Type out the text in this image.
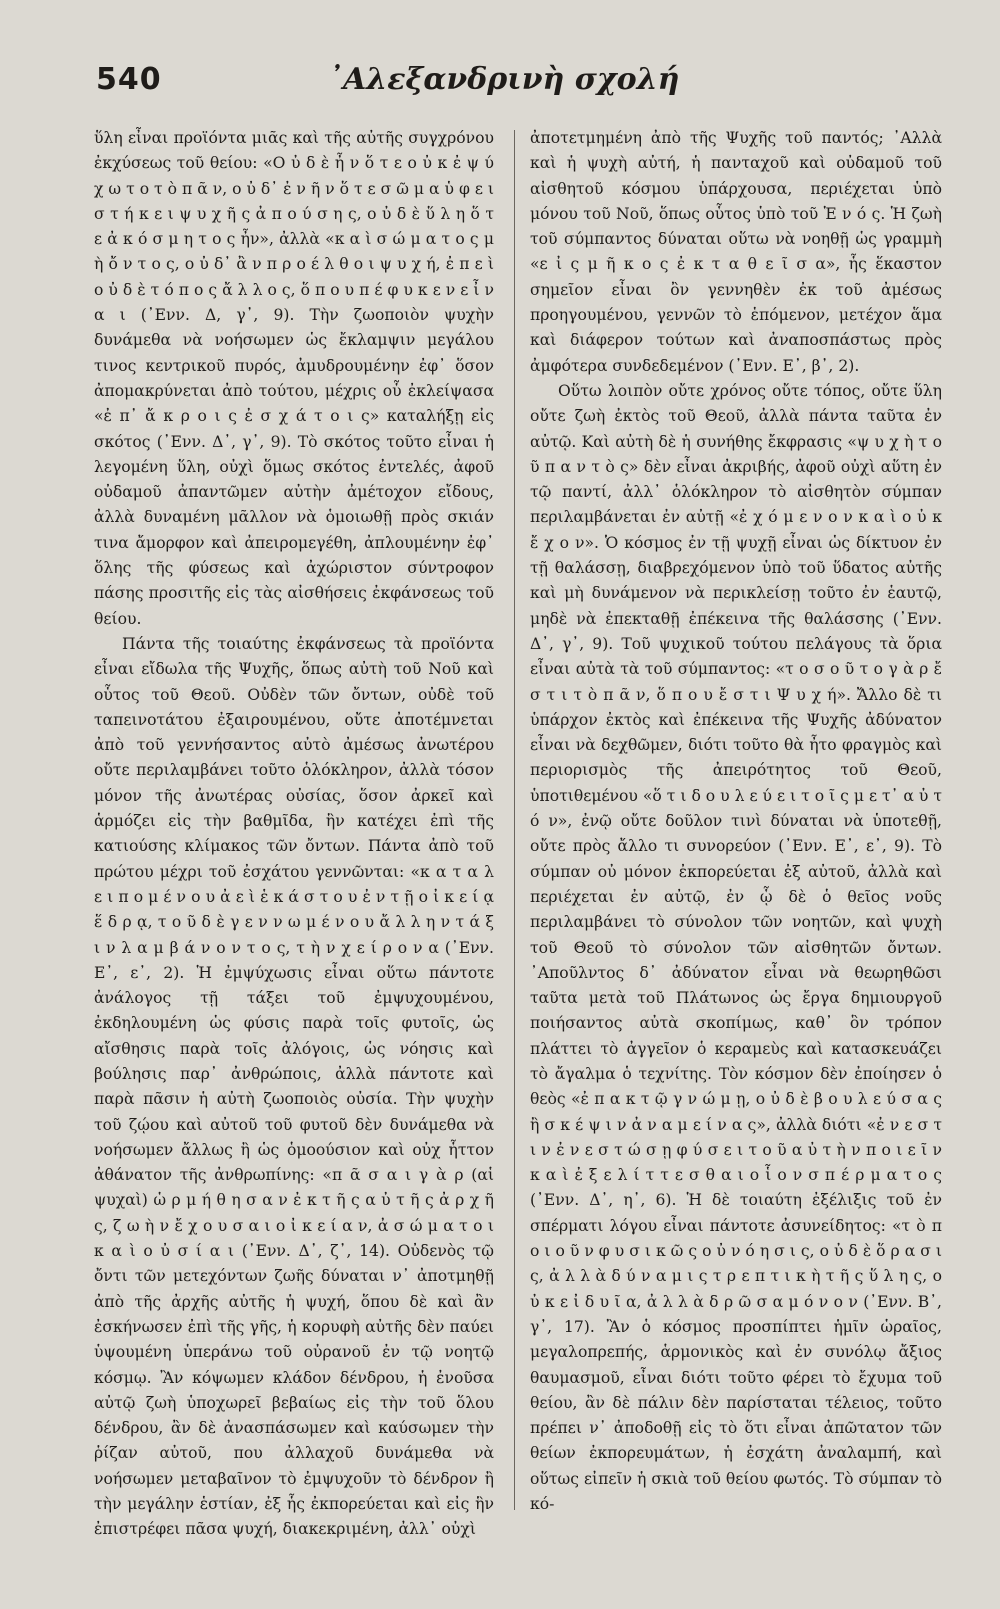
540	᾽Αλεξανδρινὴ σχολή

ὕλη εἶναι προϊόντα μιᾶς καὶ τῆς αὐτῆς συγχρόνου ἐκχύσεως τοῦ θείου: «Ο ὐ δ ὲ ἦ ν ὅ τ ε ο ὐ κ ἐ ψ ύ χ ω τ ο τ ὸ π ᾶ ν, ο ὐ δ᾽ ἐ ν ῆ ν ὅ τ ε σ ῶ μ α ὑ φ ε ι σ τ ή κ ε ι ψ υ χ ῆ ς ἀ π ο ύ σ η ς, ο ὐ δ ὲ ὕ λ η ὅ τ ε ἀ κ ό σ μ η τ ο ς ἦν», ἀλλὰ «κ α ὶ σ ώ μ α τ ο ς μ ὴ ὄ ν τ ο ς, ο ὐ δ᾽ ἂ ν π ρ ο έ λ θ ο ι ψ υ χ ή, ἐ π ε ὶ ο ὐ δ ὲ τ ό π ο ς ἄ λ λ ο ς, ὅ π ο υ π έ φ υ κ ε ν ε ἶ ν α ι (᾽Ενν. Δ, γ᾽, 9). Τὴν ζωοποιὸν ψυχὴν δυνάμεθα νὰ νοήσωμεν ὡς ἔκλαμψιν μεγάλου τινος κεντρικοῦ πυρός, ἀμυδρουμένην ἐφ᾽ ὅσον ἀπομακρύνεται ἀπὸ τούτου, μέχρις οὗ ἐκλείψασα «ἐ π᾽ ἄ κ ρ ο ι ς ἐ σ χ ά τ ο ι ς» καταλήξῃ εἰς σκότος (᾽Ενν. Δ᾽, γ᾽, 9). Τὸ σκότος τοῦτο εἶναι ἡ λεγομένη ὕλη, οὐχὶ ὅμως σκότος ἐντελές, ἀφοῦ οὐδαμοῦ ἀπαντῶμεν αὐτὴν ἀμέτοχον εἴδους, ἀλλὰ δυναμένη μᾶλλον νὰ ὁμοιωθῇ πρὸς σκιάν τινα ἄμορφον καὶ ἀπειρομεγέθη, ἀπλουμένην ἐφ᾽ ὅλης τῆς φύσεως καὶ ἀχώριστον σύντροφον πάσης προσιτῆς εἰς τὰς αἰσθήσεις ἐκφάνσεως τοῦ θείου.

Πάντα τῆς τοιαύτης ἐκφάνσεως τὰ προϊόντα εἶναι εἴδωλα τῆς Ψυχῆς, ὅπως αὐτὴ τοῦ Νοῦ καὶ οὗτος τοῦ Θεοῦ. Οὐδὲν τῶν ὄντων, οὐδὲ τοῦ ταπεινοτάτου ἐξαιρουμένου, οὔτε ἀποτέμνεται ἀπὸ τοῦ γεννήσαντος αὐτὸ ἀμέσως ἀνωτέρου οὔτε περιλαμβάνει τοῦτο ὁλόκληρον, ἀλλὰ τόσον μόνον τῆς ἀνωτέρας οὐσίας, ὅσον ἀρκεῖ καὶ ἁρμόζει εἰς τὴν βαθμῖδα, ἣν κατέχει ἐπὶ τῆς κατιούσης κλίμακος τῶν ὄντων. Πάντα ἀπὸ τοῦ πρώτου μέχρι τοῦ ἐσχάτου γεννῶνται: «κ α τ α λ ε ι π ο μ έ ν ο υ ἀ ε ὶ ἑ κ ά σ τ ο υ ἐ ν τ ῇ ο ἰ κ ε ί ᾳ ἕ δ ρ ᾳ, τ ο ῦ δ ὲ γ ε ν ν ω μ έ ν ο υ ἄ λ λ η ν τ ά ξ ι ν λ α μ β ά ν ο ν τ ο ς, τ ὴ ν χ ε ί ρ ο ν α (᾽Ενν. Ε᾽, ε᾽, 2). Ἡ ἐμψύχωσις εἶναι οὕτω πάντοτε ἀνάλογος τῇ τάξει τοῦ ἐμψυχουμένου, ἐκδηλουμένη ὡς φύσις παρὰ τοῖς φυτοῖς, ὡς αἴσθησις παρὰ τοῖς ἀλόγοις, ὡς νόησις καὶ βούλησις παρ᾽ ἀνθρώποις, ἀλλὰ πάντοτε καὶ παρὰ πᾶσιν ἡ αὐτὴ ζωοποιὸς οὐσία. Τὴν ψυχὴν τοῦ ζῴου καὶ αὐτοῦ τοῦ φυτοῦ δὲν δυνάμεθα νὰ νοήσωμεν ἄλλως ἢ ὡς ὁμοούσιον καὶ οὐχ ἧττον ἀθάνατον τῆς ἀνθρωπίνης: «π ᾶ σ α ι γ ὰ ρ (αἱ ψυχαὶ) ὡ ρ μ ή θ η σ α ν ἐ κ τ ῆ ς α ὐ τ ῆ ς ἀ ρ χ ῆ ς, ζ ω ὴ ν ἔ χ ο υ σ α ι ο ἰ κ ε ί α ν, ἀ σ ώ μ α τ ο ι κ α ὶ ο ὐ σ ί α ι (᾽Ενν. Δ᾽, ζ᾽, 14). Οὐδενὸς τῷ ὄντι τῶν μετεχόντων ζωῆς δύναται ν᾽ ἀποτμηθῇ ἀπὸ τῆς ἀρχῆς αὐτῆς ἡ ψυχή, ὅπου δὲ καὶ ἂν ἐσκήνωσεν ἐπὶ τῆς γῆς, ἡ κορυφὴ αὐτῆς δὲν παύει ὑψουμένη ὑπεράνω τοῦ οὐρανοῦ ἐν τῷ νοητῷ κόσμῳ. Ἂν κόψωμεν κλάδον δένδρου, ἡ ἐνοῦσα αὐτῷ ζωὴ ὑποχωρεῖ βεβαίως εἰς τὴν τοῦ ὅλου δένδρου, ἂν δὲ ἀνασπάσωμεν καὶ καύσωμεν τὴν ῥίζαν αὐτοῦ, που ἀλλαχοῦ δυνάμεθα νὰ νοήσωμεν μεταβαῖνον τὸ ἐμψυχοῦν τὸ δένδρον ἢ τὴν μεγάλην ἑστίαν, ἐξ ἧς ἐκπορεύεται καὶ εἰς ἣν ἐπιστρέφει πᾶσα ψυχή, διακεκριμένη, ἀλλ᾽ οὐχὶ

ἀποτετμημένη ἀπὸ τῆς Ψυχῆς τοῦ παντός; ᾽Αλλὰ καὶ ἡ ψυχὴ αὐτή, ἡ πανταχοῦ καὶ οὐδαμοῦ τοῦ αἰσθητοῦ κόσμου ὑπάρχουσα, περιέχεται ὑπὸ μόνου τοῦ Νοῦ, ὅπως οὗτος ὑπὸ τοῦ Ἑ ν ό ς. Ἡ ζωὴ τοῦ σύμπαντος δύναται οὕτω νὰ νοηθῇ ὡς γραμμὴ «ε ἰ ς μ ῆ κ ο ς ἐ κ τ α θ ε ῖ σ α», ἧς ἕκαστον σημεῖον εἶναι ὂν γεννηθὲν ἐκ τοῦ ἀμέσως προηγουμένου, γεννῶν τὸ ἑπόμενον, μετέχον ἅμα καὶ διάφερον τούτων καὶ ἀναποσπάστως πρὸς ἀμφότερα συνδεδεμένον (᾽Ενν. Ε᾽, β᾽, 2).

Οὕτω λοιπὸν οὔτε χρόνος οὔτε τόπος, οὔτε ὕλη οὔτε ζωὴ ἐκτὸς τοῦ Θεοῦ, ἀλλὰ πάντα ταῦτα ἐν αὐτῷ. Καὶ αὐτὴ δὲ ἡ συνήθης ἔκφρασις «ψ υ χ ὴ τ ο ῦ π α ν τ ὸ ς» δὲν εἶναι ἀκριβής, ἀφοῦ οὐχὶ αὕτη ἐν τῷ παντί, ἀλλ᾽ ὁλόκληρον τὸ αἰσθητὸν σύμπαν περιλαμβάνεται ἐν αὐτῇ «ἐ χ ό μ ε ν ο ν κ α ὶ ο ὐ κ ἔ χ ο ν». Ὁ κόσμος ἐν τῇ ψυχῇ εἶναι ὡς δίκτυον ἐν τῇ θαλάσσῃ, διαβρεχόμενον ὑπὸ τοῦ ὕδατος αὐτῆς καὶ μὴ δυνάμενον νὰ περικλείσῃ τοῦτο ἐν ἑαυτῷ, μηδὲ νὰ ἐπεκταθῇ ἐπέκεινα τῆς θαλάσσης (᾽Ενν. Δ᾽, γ᾽, 9). Τοῦ ψυχικοῦ τούτου πελάγους τὰ ὅρια εἶναι αὐτὰ τὰ τοῦ σύμπαντος: «τ ο σ ο ῦ τ ο γ ὰ ρ ἔ σ τ ι τ ὸ π ᾶ ν, ὅ π ο υ ἔ σ τ ι Ψ υ χ ή». Ἄλλο δὲ τι ὑπάρχον ἐκτὸς καὶ ἐπέκεινα τῆς Ψυχῆς ἀδύνατον εἶναι νὰ δεχθῶμεν, διότι τοῦτο θὰ ἦτο φραγμὸς καὶ περιορισμὸς τῆς ἀπειρότητος τοῦ Θεοῦ, ὑποτιθεμένου «ὅ τ ι δ ο υ λ ε ύ ε ι τ ο ῖ ς μ ε τ᾽ α ὐ τ ό ν», ἐνῷ οὔτε δοῦλον τινὶ δύναται νὰ ὑποτεθῇ, οὔτε πρὸς ἄλλο τι συνορεύον (᾽Ενν. Ε᾽, ε᾽, 9). Τὸ σύμπαν οὐ μόνον ἐκπορεύεται ἐξ αὐτοῦ, ἀλλὰ καὶ περιέχεται ἐν αὐτῷ, ἐν ᾧ δὲ ὁ θεῖος νοῦς περιλαμβάνει τὸ σύνολον τῶν νοητῶν, καὶ ψυχὴ τοῦ Θεοῦ τὸ σύνολον τῶν αἰσθητῶν ὄντων. ᾽Αποῦλντος δ᾽ ἀδύνατον εἶναι νὰ θεωρηθῶσι ταῦτα μετὰ τοῦ Πλάτωνος ὡς ἔργα δημιουργοῦ ποιήσαντος αὐτὰ σκοπίμως, καθ᾽ ὃν τρόπον πλάττει τὸ ἀγγεῖον ὁ κεραμεὺς καὶ κατασκευάζει τὸ ἄγαλμα ὁ τεχνίτης. Τὸν κόσμον δὲν ἐποίησεν ὁ θεὸς «ἐ π α κ τ ῷ γ ν ώ μ ῃ, ο ὐ δ ὲ β ο υ λ ε ύ σ α ς ἢ σ κ έ ψ ι ν ἀ ν α μ ε ί ν α ς», ἀλλὰ διότι «ἐ ν ε σ τ ι ν ἐ ν ε σ τ ώ σ ῃ φ ύ σ ε ι τ ο ῦ α ὐ τ ὴ ν π ο ι ε ῖ ν κ α ὶ ἐ ξ ε λ ί τ τ ε σ θ α ι ο ἷ ο ν σ π έ ρ μ α τ ο ς (᾽Ενν. Δ᾽, η᾽, 6). Ἡ δὲ τοιαύτη ἐξέλιξις τοῦ ἐν σπέρματι λόγου εἶναι πάντοτε ἀσυνείδητος: «τ ὸ π ο ι ο ῦ ν φ υ σ ι κ ῶ ς ο ὐ ν ό η σ ι ς, ο ὐ δ ὲ ὅ ρ α σ ι ς, ἀ λ λ ὰ δ ύ ν α μ ι ς τ ρ ε π τ ι κ ὴ τ ῆ ς ὕ λ η ς, ο ὐ κ ε ἰ δ υ ῖ α, ἀ λ λ ὰ δ ρ ῶ σ α μ ό ν ο ν (᾽Ενν. Β᾽, γ᾽, 17). Ἂν ὁ κόσμος προσπίπτει ἡμῖν ὡραῖος, μεγαλοπρεπής, ἁρμονικὸς καὶ ἐν συνόλῳ ἄξιος θαυμασμοῦ, εἶναι διότι τοῦτο φέρει τὸ ἔχυμα τοῦ θείου, ἂν δὲ πάλιν δὲν παρίσταται τέλειος, τοῦτο πρέπει ν᾽ ἀποδοθῇ εἰς τὸ ὅτι εἶναι ἀπῶτατον τῶν θείων ἐκπορευμάτων, ἡ ἐσχάτη ἀναλαμπή, καὶ οὕτως εἰπεῖν ἡ σκιὰ τοῦ θείου φωτός. Τὸ σύμπαν τὸ κό-
